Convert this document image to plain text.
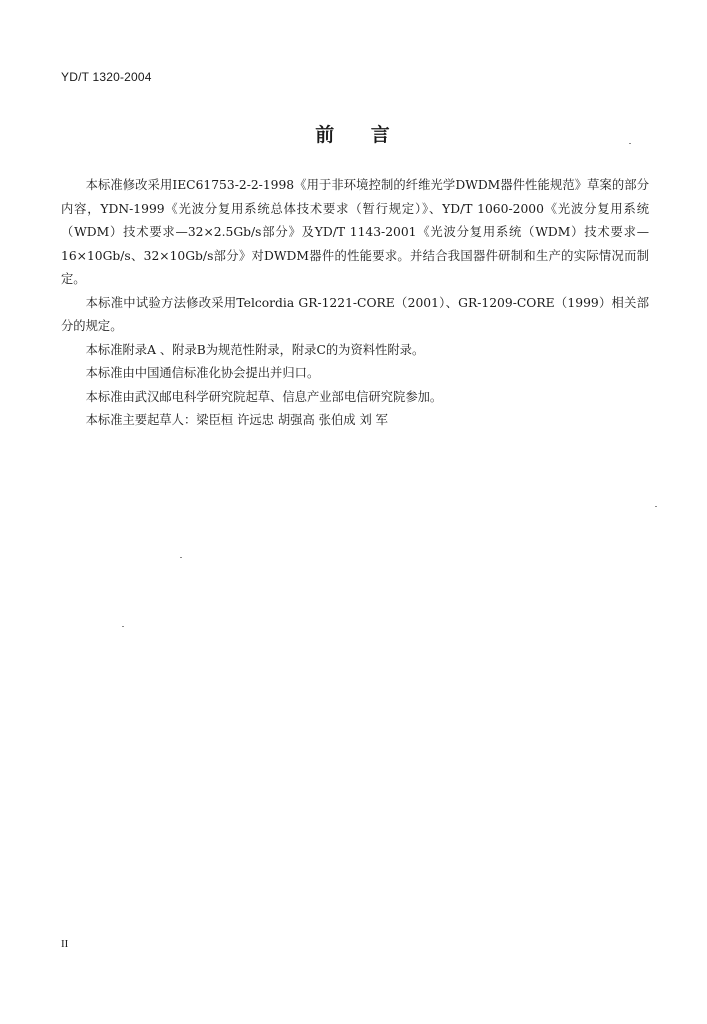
YD/T 1320-2004
前 言

本标准修改采用IEC61753-2-2-1998《用于非环境控制的纤维光学DWDM器件性能规范》草案的部分内容，YDN-1999《光波分复用系统总体技术要求（暂行规定）》、YD/T 1060-2000《光波分复用系统（WDM）技术要求—32×2.5Gb/s部分》及YD/T 1143-2001《光波分复用系统（WDM）技术要求—16×10Gb/s、32×10Gb/s部分》对DWDM器件的性能要求。并结合我国器件研制和生产的实际情况而制定。

本标准中试验方法修改采用Telcordia GR-1221-CORE（2001）、GR-1209-CORE（1999）相关部分的规定。

本标准附录A 、附录B为规范性附录，附录C的为资料性附录。

本标准由中国通信标准化协会提出并归口。

本标准由武汉邮电科学研究院起草、信息产业部电信研究院参加。

本标准主要起草人：梁臣桓 许远忠 胡强高 张伯成 刘 军

II
